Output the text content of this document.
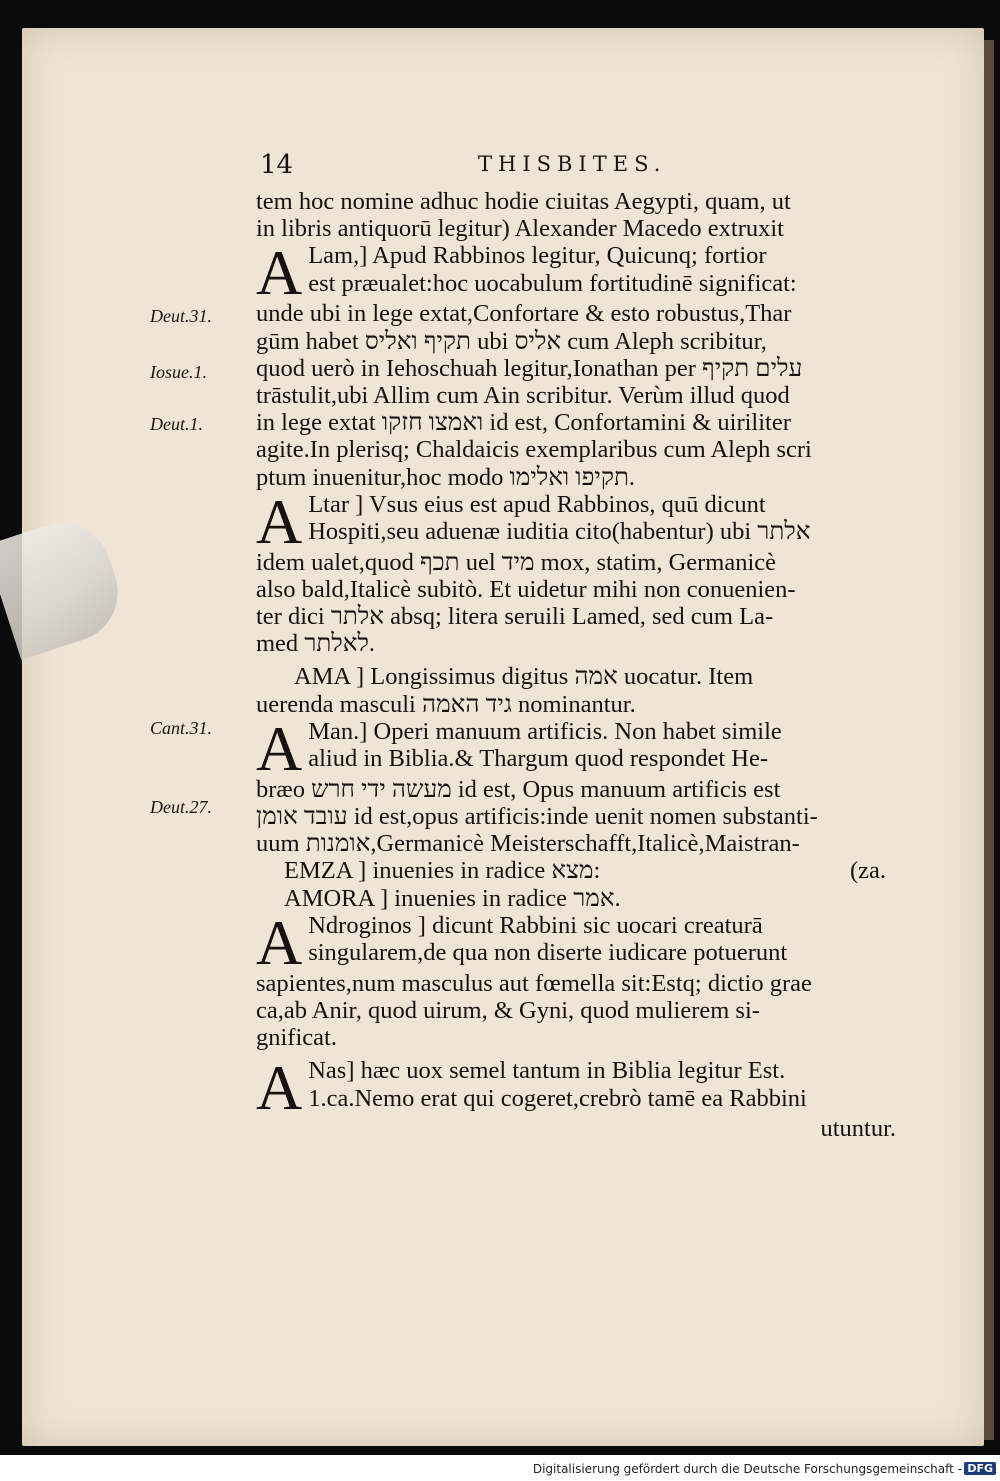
14	THISBITES.
Deut.31.
Iosue.1.
Deut.1.
Cant.31.
Deut.27.
tem hoc nomine adhuc hodie ciuitas Aegypti, quam, ut
in libris antiquorū legitur) Alexander Macedo extruxit
A Lam,] Apud Rabbinos legitur, Quicunq; fortior
est præualet:hoc uocabulum fortitudinē significat:
unde ubi in lege extat,Confortare & esto robustus,Thar
gūm habet תקיף ואליס ubi אליס cum Aleph scribitur,
quod uerò in Iehoschuah legitur,Ionathan per עלים תקיף
trāstulit,ubi Allim cum Ain scribitur. Verùm illud quod
in lege extat ואמצו חזקו id est, Confortamini & uiriliter
agite.In plerisq; Chaldaicis exemplaribus cum Aleph scri
ptum inuenitur,hoc modo תקיפו ואלימו.
A Ltar ] Vsus eius est apud Rabbinos, quū dicunt
Hospiti,seu aduenæ iuditia cito(habentur) ubi אלתר
idem ualet,quod תכף uel מיד mox, statim, Germanicè
also bald,Italicè subitò. Et uidetur mihi non conuenien-
ter dici אלתר absq; litera seruili Lamed, sed cum La-
med לאלתר.
AMA ] Longissimus digitus אמה uocatur. Item
uerenda masculi גיד האמה nominantur.
A Man.] Operi manuum artificis. Non habet simile
aliud in Biblia.& Thargum quod respondet He-
bræo מעשה ידי חרש id est, Opus manuum artificis est
עובד אומן id est,opus artificis:inde uenit nomen substanti-
uum אומנות,Germanicè Meisterschafft,Italicè,Maistran-
EMZA ] inuenies in radice מצא:	(za.
AMORA ] inuenies in radice אמר.
A Ndroginos ] dicunt Rabbini sic uocari creaturā
singularem,de qua non diserte iudicare potuerunt
sapientes,num masculus aut fœmella sit:Estq; dictio grae
ca,ab Anir, quod uirum, & Gyni, quod mulierem si-
gnificat.
A Nas] hæc uox semel tantum in Biblia legitur Est.
1.ca.Nemo erat qui cogeret,crebrò tamē ea Rabbini
utuntur.
Digitalisierung gefördert durch die Deutsche Forschungsgemeinschaft - DFG
